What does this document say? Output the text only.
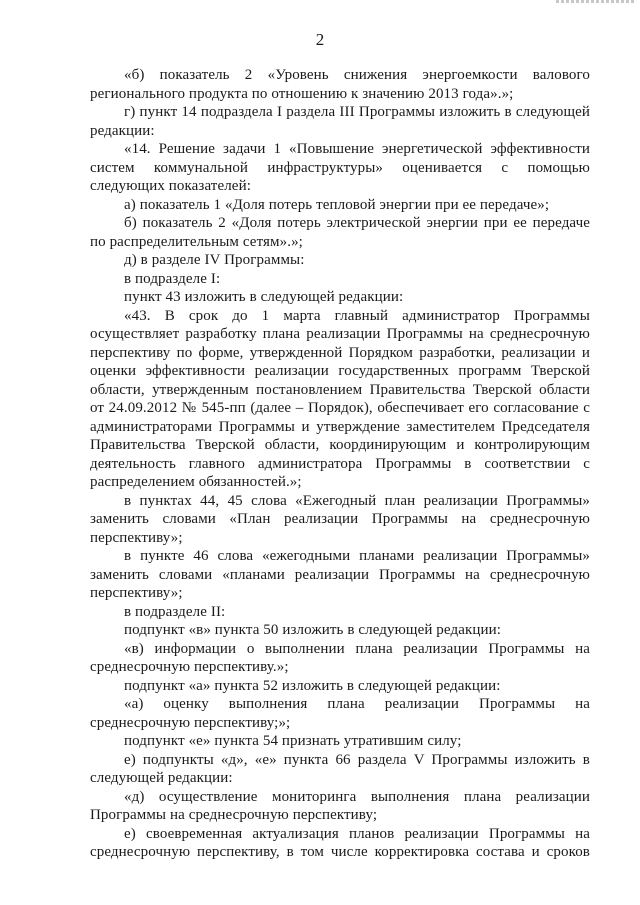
2

«б) показатель 2 «Уровень снижения энергоемкости валового регионального продукта по отношению к значению 2013 года».»;

г) пункт 14 подраздела I раздела III Программы изложить в следующей редакции:

«14. Решение задачи 1 «Повышение энергетической эффективности систем коммунальной инфраструктуры» оценивается с помощью следующих показателей:

а) показатель 1 «Доля потерь тепловой энергии при ее передаче»;

б) показатель 2 «Доля потерь электрической энергии при ее передаче по распределительным сетям».»;

д) в разделе IV Программы:

в подразделе I:

пункт 43 изложить в следующей редакции:

«43. В срок до 1 марта главный администратор Программы осуществляет разработку плана реализации Программы на среднесрочную перспективу по форме, утвержденной Порядком разработки, реализации и оценки эффективности реализации государственных программ Тверской области, утвержденным постановлением Правительства Тверской области от 24.09.2012 № 545-пп (далее – Порядок), обеспечивает его согласование с администраторами Программы и утверждение заместителем Председателя Правительства Тверской области, координирующим и контролирующим деятельность главного администратора Программы в соответствии с распределением обязанностей.»;

в пунктах 44, 45 слова «Ежегодный план реализации Программы» заменить словами «План реализации Программы на среднесрочную перспективу»;

в пункте 46 слова «ежегодными планами реализации Программы» заменить словами «планами реализации Программы на среднесрочную перспективу»;

в подразделе II:

подпункт «в» пункта 50 изложить в следующей редакции:

«в) информации о выполнении плана реализации Программы на среднесрочную перспективу.»;

подпункт «а» пункта 52 изложить в следующей редакции:

«а) оценку выполнения плана реализации Программы на среднесрочную перспективу;»;

подпункт «е» пункта 54 признать утратившим силу;

е) подпункты «д», «е» пункта 66 раздела V Программы изложить в следующей редакции:

«д) осуществление мониторинга выполнения плана реализации Программы на среднесрочную перспективу;

е) своевременная актуализация планов реализации Программы на среднесрочную перспективу, в том числе корректировка состава и сроков
